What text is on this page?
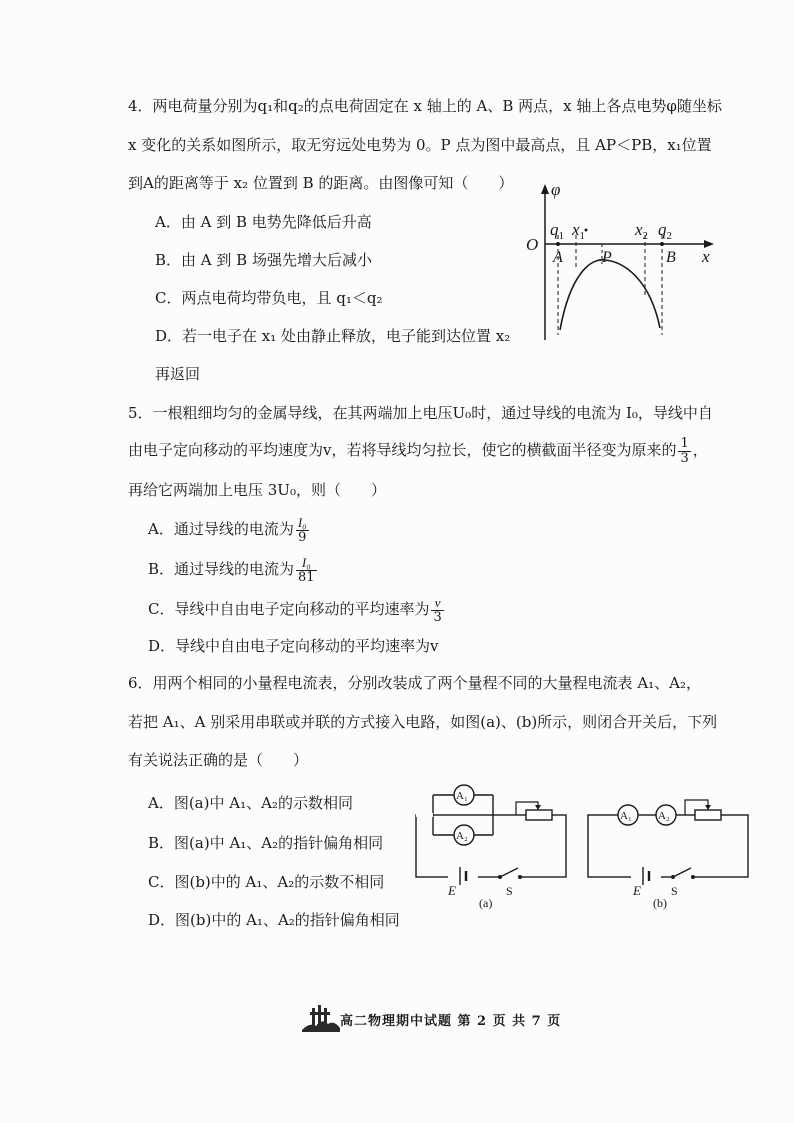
4．两电荷量分别为q₁和q₂的点电荷固定在 x 轴上的 A、B 两点，x 轴上各点电势φ随坐标
x 变化的关系如图所示，取无穷远处电势为 0。P 点为图中最高点，且 AP＜PB，x₁位置
到A的距离等于 x₂ 位置到 B 的距离。由图像可知（　　）
A．由 A 到 B 电势先降低后升高
B．由 A 到 B 场强先增大后减小
C．两点电荷均带负电，且 q₁＜q₂
D．若一电子在 x₁ 处由静止释放，电子能到达位置 x₂
再返回
φ
O
x
$q_1$ $x_1$	$x_2$ $q_2$
A P	B
5．一根粗细均匀的金属导线，在其两端加上电压U₀时，通过导线的电流为 I₀，导线中自
由电子定向移动的平均速度为v，若将导线均匀拉长，使它的横截面半径变为原来的 $\frac{1}{3}$ ，
再给它两端加上电压 3U₀，则（　　）
A．通过导线的电流为 $\frac{\text{I₀}}{9}$
B．通过导线的电流为 $\frac{\text{I₀}}{81}$
C．导线中自由电子定向移动的平均速率为 $\frac{v}{3}$
D．导线中自由电子定向移动的平均速率为v
6．用两个相同的小量程电流表，分别改装成了两个量程不同的大量程电流表 A₁、A₂，
若把 A₁、A 别采用串联或并联的方式接入电路，如图(a)、(b)所示，则闭合开关后，下列
有关说法正确的是（　　）
A．图(a)中 A₁、A₂的示数相同
B．图(a)中 A₁、A₂的指针偏角相同
C．图(b)中的 A₁、A₂的示数不相同
D．图(b)中的 A₁、A₂的指针偏角相同
A₁
A₂
E	S
(a)
A₁ A₂
E	S
(b)
高二物理期中试题 第 2 页 共 7 页
